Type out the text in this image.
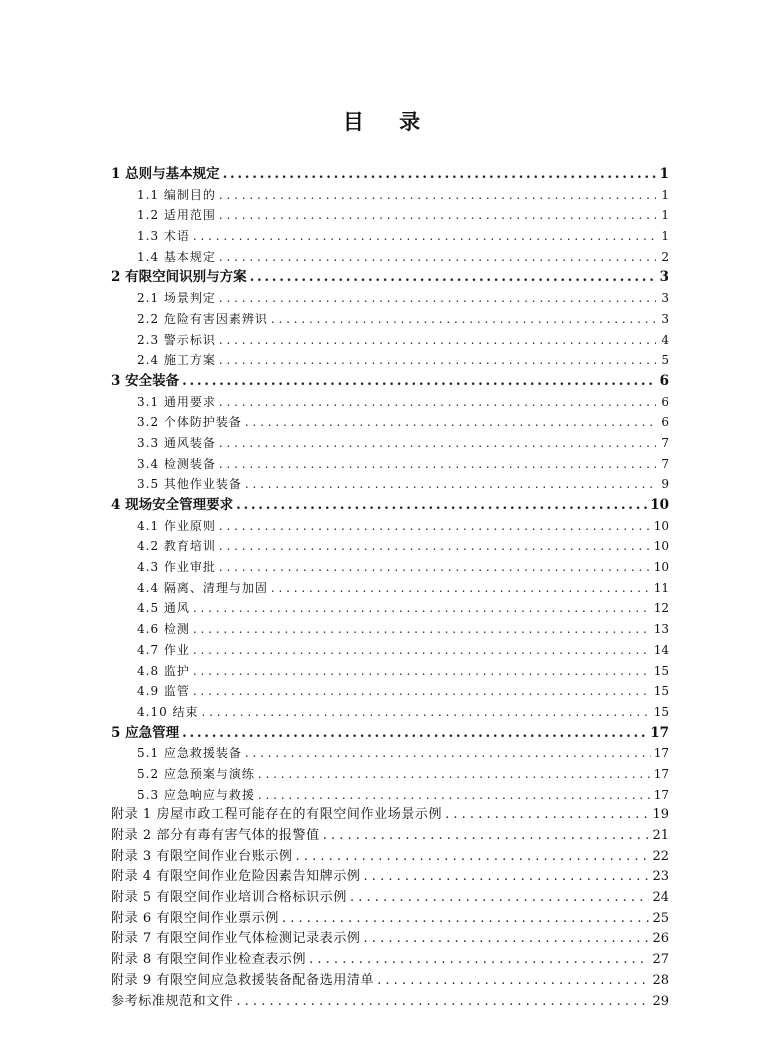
目 录
1 总则与基本规定 . . .	1
1.1 编制目的 . . .	1
1.2 适用范围 . . .	1
1.3 术语 . . .	1
1.4 基本规定 . . .	2
2 有限空间识别与方案 . . .	3
2.1 场景判定 . . .	3
2.2 危险有害因素辨识 . . .	3
2.3 警示标识 . . .	4
2.4 施工方案 . . .	5
3 安全装备 . . .	6
3.1 通用要求 . . .	6
3.2 个体防护装备 . . .	6
3.3 通风装备 . . .	7
3.4 检测装备 . . .	7
3.5 其他作业装备 . . .	9
4 现场安全管理要求 . . .	10
4.1 作业原则 . . .	10
4.2 教育培训 . . .	10
4.3 作业审批 . . .	10
4.4 隔离、清理与加固 . . .	11
4.5 通风 . . .	12
4.6 检测 . . .	13
4.7 作业 . . .	14
4.8 监护 . . .	15
4.9 监管 . . .	15
4.10 结束 . . .	15
5 应急管理 . . .	17
5.1 应急救援装备 . . .	17
5.2 应急预案与演练 . . .	17
5.3 应急响应与救援 . . .	17
附录 1 房屋市政工程可能存在的有限空间作业场景示例 . . .	19
附录 2 部分有毒有害气体的报警值 . . .	21
附录 3 有限空间作业台账示例 . . .	22
附录 4 有限空间作业危险因素告知牌示例 . . .	23
附录 5 有限空间作业培训合格标识示例 . . .	24
附录 6 有限空间作业票示例 . . .	25
附录 7 有限空间作业气体检测记录表示例 . . .	26
附录 8 有限空间作业检查表示例 . . .	27
附录 9 有限空间应急救援装备配备选用清单 . . .	28
参考标准规范和文件 . . .	29
